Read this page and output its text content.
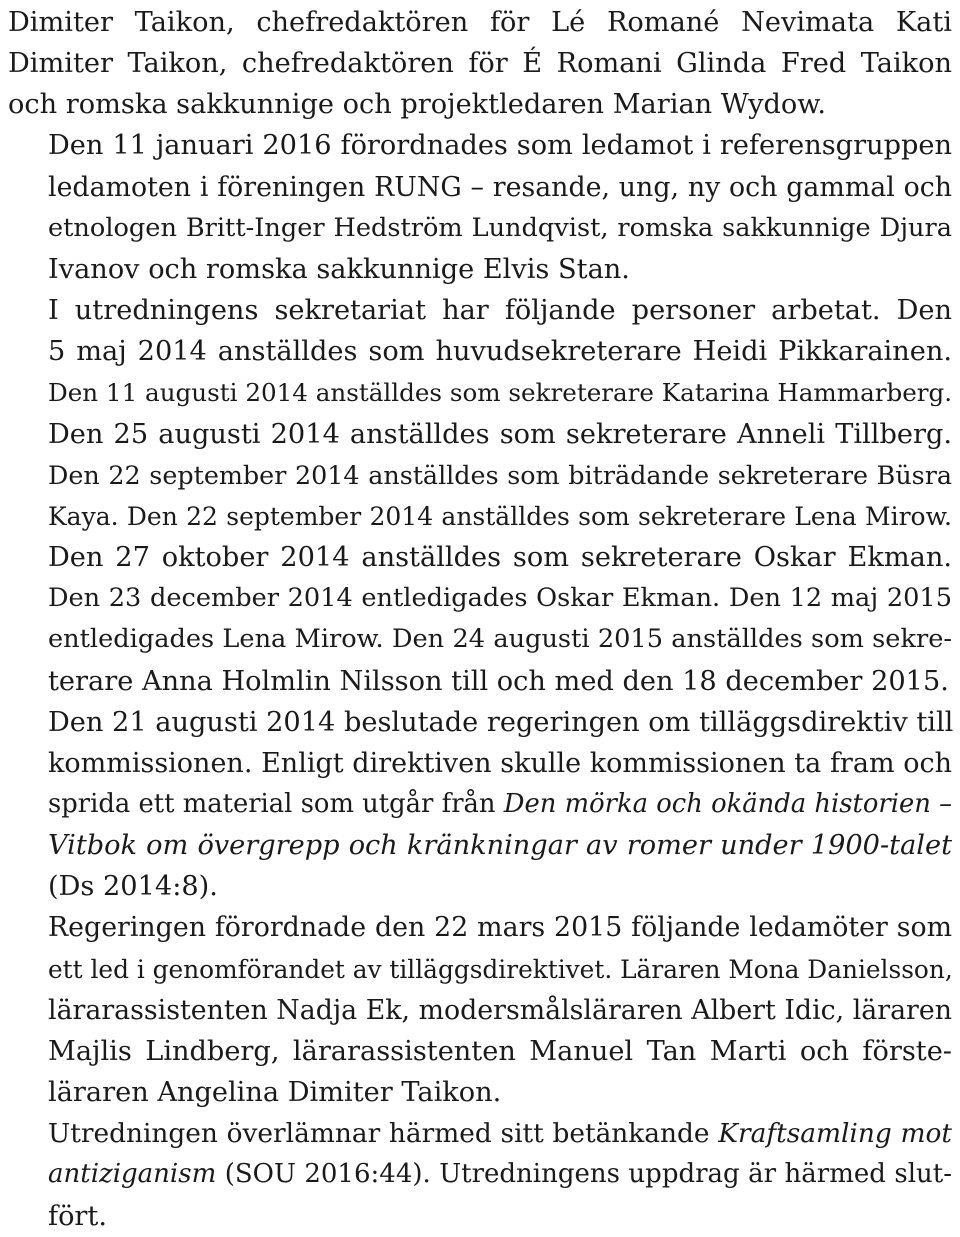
Dimiter Taikon, chefredaktören för Lé Romané Nevimata Kati
Dimiter Taikon, chefredaktören för É Romani Glinda Fred Taikon
och romska sakkunnige och projektledaren Marian Wydow.

Den 11 januari 2016 förordnades som ledamot i referensgruppen
ledamoten i föreningen RUNG – resande, ung, ny och gammal och
etnologen Britt-Inger Hedström Lundqvist, romska sakkunnige Djura
Ivanov och romska sakkunnige Elvis Stan.

I utredningens sekretariat har följande personer arbetat. Den
5 maj 2014 anställdes som huvudsekreterare Heidi Pikkarainen.
Den 11 augusti 2014 anställdes som sekreterare Katarina Hammarberg.
Den 25 augusti 2014 anställdes som sekreterare Anneli Tillberg.
Den 22 september 2014 anställdes som biträdande sekreterare Büsra
Kaya. Den 22 september 2014 anställdes som sekreterare Lena Mirow.
Den 27 oktober 2014 anställdes som sekreterare Oskar Ekman.
Den 23 december 2014 entledigades Oskar Ekman. Den 12 maj 2015
entledigades Lena Mirow. Den 24 augusti 2015 anställdes som sekre-
terare Anna Holmlin Nilsson till och med den 18 december 2015.

Den 21 augusti 2014 beslutade regeringen om tilläggsdirektiv till
kommissionen. Enligt direktiven skulle kommissionen ta fram och
sprida ett material som utgår från Den mörka och okända historien –
Vitbok om övergrepp och kränkningar av romer under 1900-talet
(Ds 2014:8).

Regeringen förordnade den 22 mars 2015 följande ledamöter som
ett led i genomförandet av tilläggsdirektivet. Läraren Mona Danielsson,
lärarassistenten Nadja Ek, modersmålsläraren Albert Idic, läraren
Majlis Lindberg, lärarassistenten Manuel Tan Marti och förste-
läraren Angelina Dimiter Taikon.

Utredningen överlämnar härmed sitt betänkande Kraftsamling mot
antiziganism (SOU 2016:44). Utredningens uppdrag är härmed slut-
fört.
